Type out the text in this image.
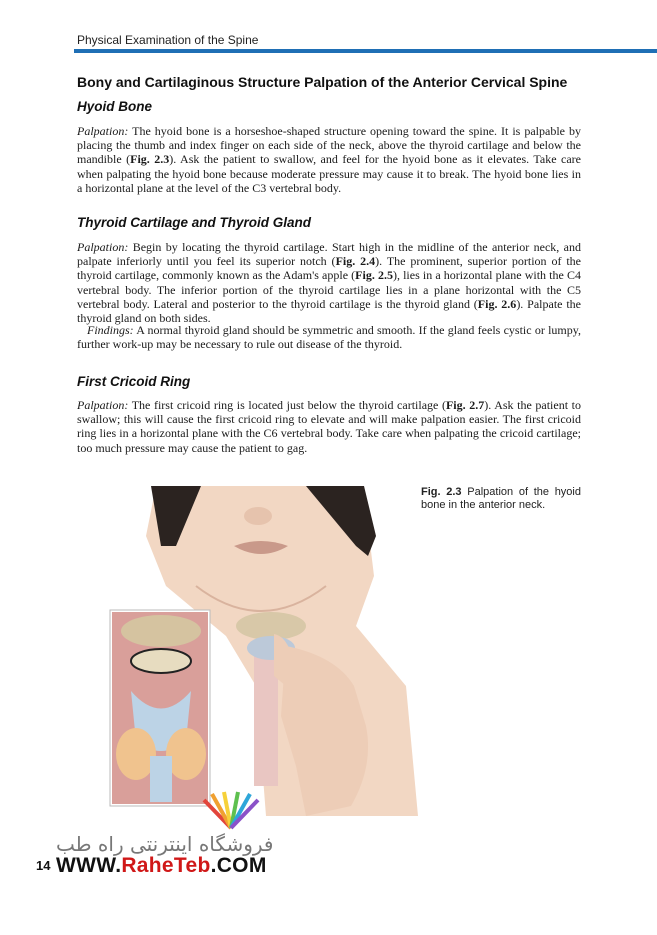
Physical Examination of the Spine
Bony and Cartilaginous Structure Palpation of the Anterior Cervical Spine
Hyoid Bone
Palpation: The hyoid bone is a horseshoe-shaped structure opening toward the spine. It is palpable by placing the thumb and index finger on each side of the neck, above the thyroid cartilage and below the mandible (Fig. 2.3). Ask the patient to swallow, and feel for the hyoid bone as it elevates. Take care when palpating the hyoid bone because moderate pressure may cause it to break. The hyoid bone lies in a horizontal plane at the level of the C3 vertebral body.
Thyroid Cartilage and Thyroid Gland
Palpation: Begin by locating the thyroid cartilage. Start high in the midline of the anterior neck, and palpate inferiorly until you feel its superior notch (Fig. 2.4). The prominent, superior portion of the thyroid cartilage, commonly known as the Adam's apple (Fig. 2.5), lies in a horizontal plane with the C4 vertebral body. The inferior portion of the thyroid cartilage lies in a plane horizontal with the C5 vertebral body. Lateral and posterior to the thyroid cartilage is the thyroid gland (Fig. 2.6). Palpate the thyroid gland on both sides.
Findings: A normal thyroid gland should be symmetric and smooth. If the gland feels cystic or lumpy, further work-up may be necessary to rule out disease of the thyroid.
First Cricoid Ring
Palpation: The first cricoid ring is located just below the thyroid cartilage (Fig. 2.7). Ask the patient to swallow; this will cause the first cricoid ring to elevate and will make palpation easier. The first cricoid ring lies in a horizontal plane with the C6 vertebral body. Take care when palpating the cricoid cartilage; too much pressure may cause the patient to gag.
Fig. 2.3 Palpation of the hyoid bone in the anterior neck.
فروشگاه اینترنتی راه طب
14 WWW.RaheTeb.COM
